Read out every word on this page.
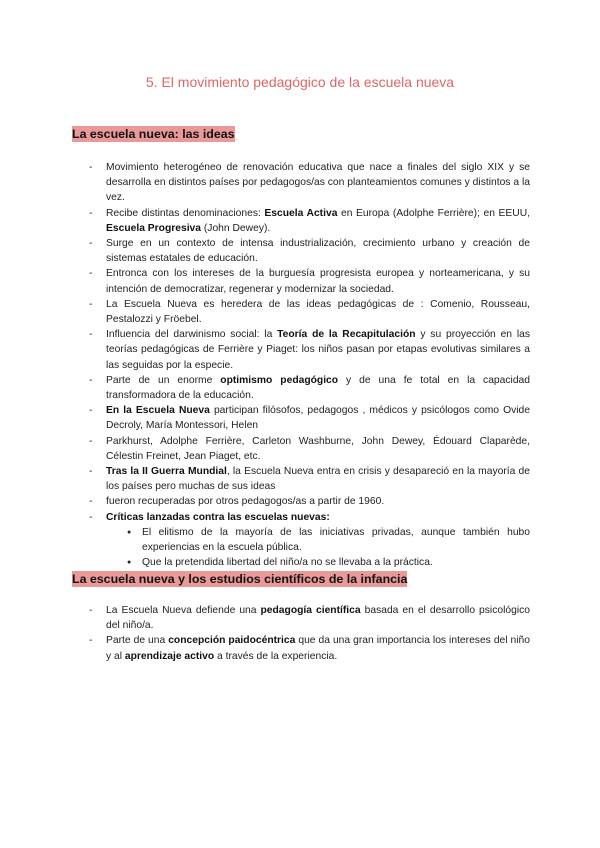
5. El movimiento pedagógico de la escuela nueva
La escuela nueva: las ideas
- Movimiento heterogéneo de renovación educativa que nace a finales del siglo XIX y se desarrolla en distintos países por pedagogos/as con planteamientos comunes y distintos a la vez.
- Recibe distintas denominaciones: Escuela Activa en Europa (Adolphe Ferrière); en EEUU, Escuela Progresiva (John Dewey).
- Surge en un contexto de intensa industrialización, crecimiento urbano y creación de sistemas estatales de educación.
- Entronca con los intereses de la burguesía progresista europea y norteamericana, y su intención de democratizar, regenerar y modernizar la sociedad.
- La Escuela Nueva es heredera de las ideas pedagógicas de : Comenio, Rousseau, Pestalozzi y Fröebel.
- Influencia del darwinismo social: la Teoría de la Recapitulación y su proyección en las teorías pedagógicas de Ferrière y Piaget: los niños pasan por etapas evolutivas similares a las seguidas por la especie.
- Parte de un enorme optimismo pedagógico y de una fe total en la capacidad transformadora de la educación.
- En la Escuela Nueva participan filósofos, pedagogos , médicos y psicólogos como Ovide Decroly, María Montessori, Helen
- Parkhurst, Adolphe Ferrière, Carleton Washburne, John Dewey, Édouard Claparède, Célestin Freinet, Jean Piaget, etc.
- Tras la II Guerra Mundial, la Escuela Nueva entra en crisis y desapareció en la mayoría de los países pero muchas de sus ideas
- fueron recuperadas por otros pedagogos/as a partir de 1960.
- Críticas lanzadas contra las escuelas nuevas:
● El elitismo de la mayoría de las iniciativas privadas, aunque también hubo experiencias en la escuela pública.
● Que la pretendida libertad del niño/a no se llevaba a la práctica.
La escuela nueva y los estudios científicos de la infancia
- La Escuela Nueva defiende una pedagogía científica basada en el desarrollo psicológico del niño/a.
- Parte de una concepción paidocéntrica que da una gran importancia los intereses del niño y al aprendizaje activo a través de la experiencia.
